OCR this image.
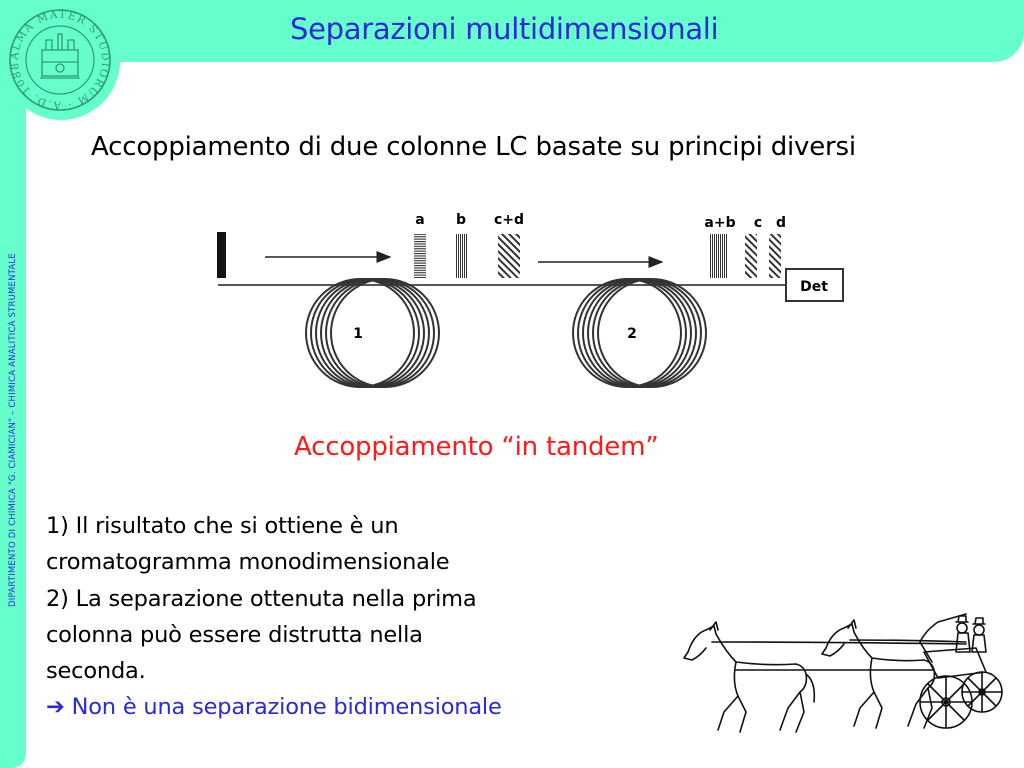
ALMA MATER STUDIORUM · A.D. 1088
Separazioni multidimensionali
DIPARTIMENTO DI CHIMICA "G. CIAMICIAN" – CHIMICA ANALITICA STRUMENTALE
Accoppiamento di due colonne LC basate su principi diversi
a b c+d	a+b c d
1	2
Det
Accoppiamento “in tandem”
1) Il risultato che si ottiene è un
cromatogramma monodimensionale
2) La separazione ottenuta nella prima
colonna può essere distrutta nella
seconda.
➔ Non è una separazione bidimensionale
